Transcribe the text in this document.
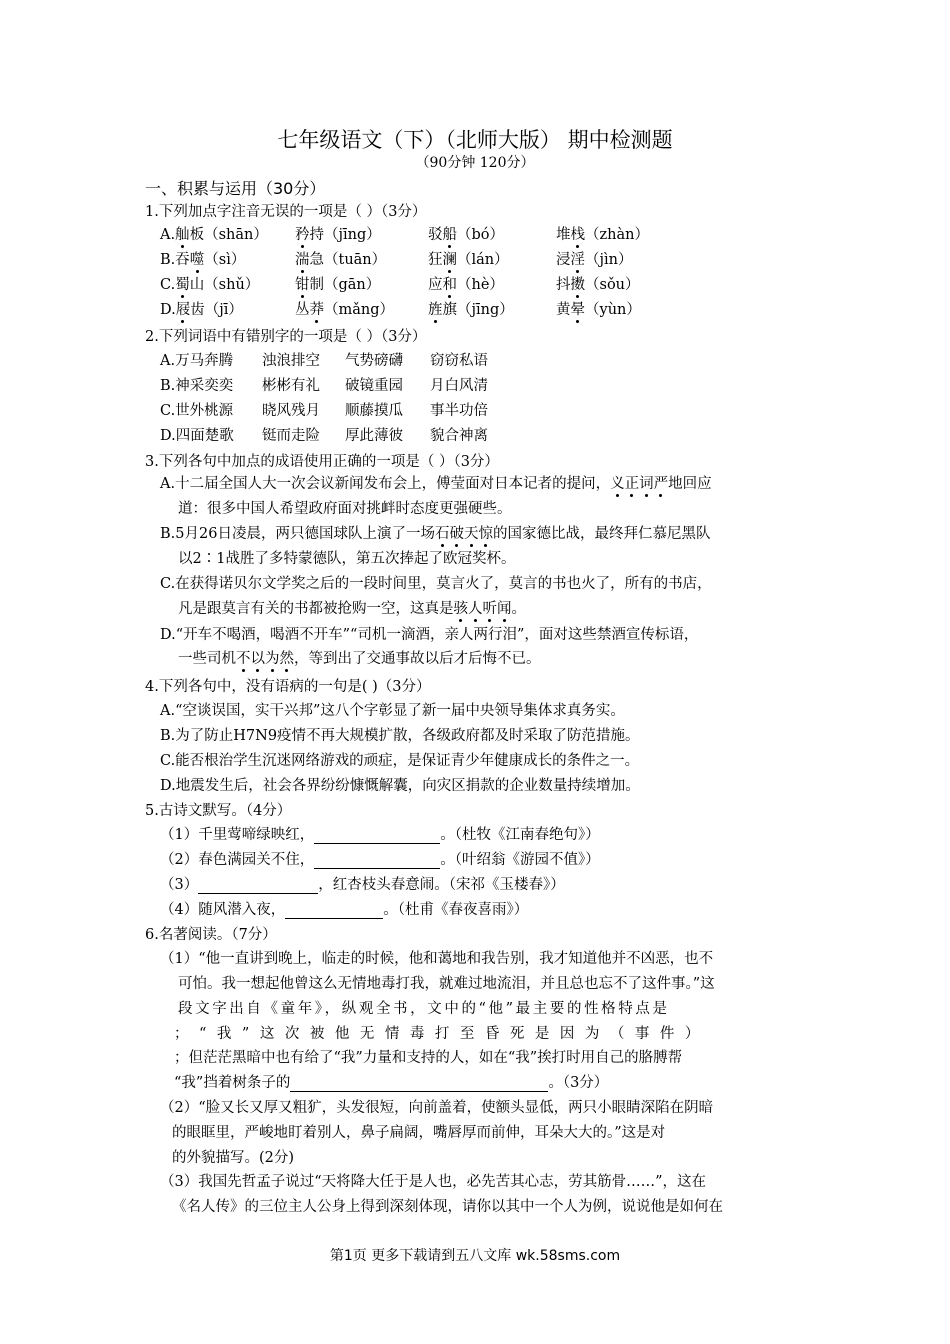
七年级语文（下）（北师大版） 期中检测题
（90分钟 120分）
一、积累与运用（30分）
1.下列加点字注音无误的一项是（ ）（3分）
A.舢板（shān） 矜持（jīng）	驳船（bó）	堆栈（zhàn）
B.吞噬（sì）	湍急（tuān）	狂澜（lán）	浸淫（jìn）
C.蜀山（shǔ） 钳制（gān）	应和（hè）	抖擞（sǒu）
D.屐齿（jī）	丛莽（mǎng） 旌旗（jīng）	黄晕（yùn）
2.下列词语中有错别字的一项是（ ）（3分）
A.万马奔腾 浊浪排空 气势磅礴 窃窃私语
B.神采奕奕 彬彬有礼 破镜重园 月白风清
C.世外桃源 晓风残月 顺藤摸瓜 事半功倍
D.四面楚歌 铤而走险 厚此薄彼 貌合神离
3.下列各句中加点的成语使用正确的一项是（ ）（3分）
A.十二届全国人大一次会议新闻发布会上，傅莹面对日本记者的提问，义正词严地回应
道：很多中国人希望政府面对挑衅时态度更强硬些。
B.5月26日凌晨，两只德国球队上演了一场石破天惊的国家德比战，最终拜仁慕尼黑队
以2∶1战胜了多特蒙德队，第五次捧起了欧冠奖杯。
C.在获得诺贝尔文学奖之后的一段时间里，莫言火了，莫言的书也火了，所有的书店，
凡是跟莫言有关的书都被抢购一空，这真是骇人听闻。
D.“开车不喝酒，喝酒不开车”“司机一滴酒，亲人两行泪”，面对这些禁酒宣传标语，
一些司机不以为然，等到出了交通事故以后才后悔不已。
4.下列各句中，没有语病的一句是( )（3分）
A.“空谈误国，实干兴邦”这八个字彰显了新一届中央领导集体求真务实。
B.为了防止H7N9疫情不再大规模扩散，各级政府都及时采取了防范措施。
C.能否根治学生沉迷网络游戏的顽症，是保证青少年健康成长的条件之一。
D.地震发生后，社会各界纷纷慷慨解囊，向灾区捐款的企业数量持续增加。
5.古诗文默写。（4分）
（1）千里莺啼绿映红，	。（杜牧《江南春绝句》）
（2）春色满园关不住，	。（叶绍翁《游园不值》）
（3）	，红杏枝头春意闹。（宋祁《玉楼春》）
（4）随风潜入夜，	。（杜甫《春夜喜雨》）
6.名著阅读。（7分）
（1）“他一直讲到晚上，临走的时候，他和蔼地和我告别，我才知道他并不凶恶，也不
可怕。我一想起他曾这么无情地毒打我，就难过地流泪，并且总也忘不了这件事。”这
段文字出自《童年》，纵观全书，文中的“他”最主要的性格特点是
；“我”这次被他无情毒打至昏死是因为（事件）
；但茫茫黑暗中也有给了“我”力量和支持的人，如在“我”挨打时用自己的胳膊帮
“我”挡着树条子的	。（3分）
（2）“脸又长又厚又粗犷，头发很短，向前盖着，使额头显低，两只小眼睛深陷在阴暗
的眼眶里，严峻地盯着别人，鼻子扁阔，嘴唇厚而前伸，耳朵大大的。”这是对
的外貌描写。(2分)
（3）我国先哲孟子说过“天将降大任于是人也，必先苦其心志，劳其筋骨……”，这在
《名人传》的三位主人公身上得到深刻体现，请你以其中一个人为例，说说他是如何在
第1页 更多下载请到五八文库 wk.58sms.com
